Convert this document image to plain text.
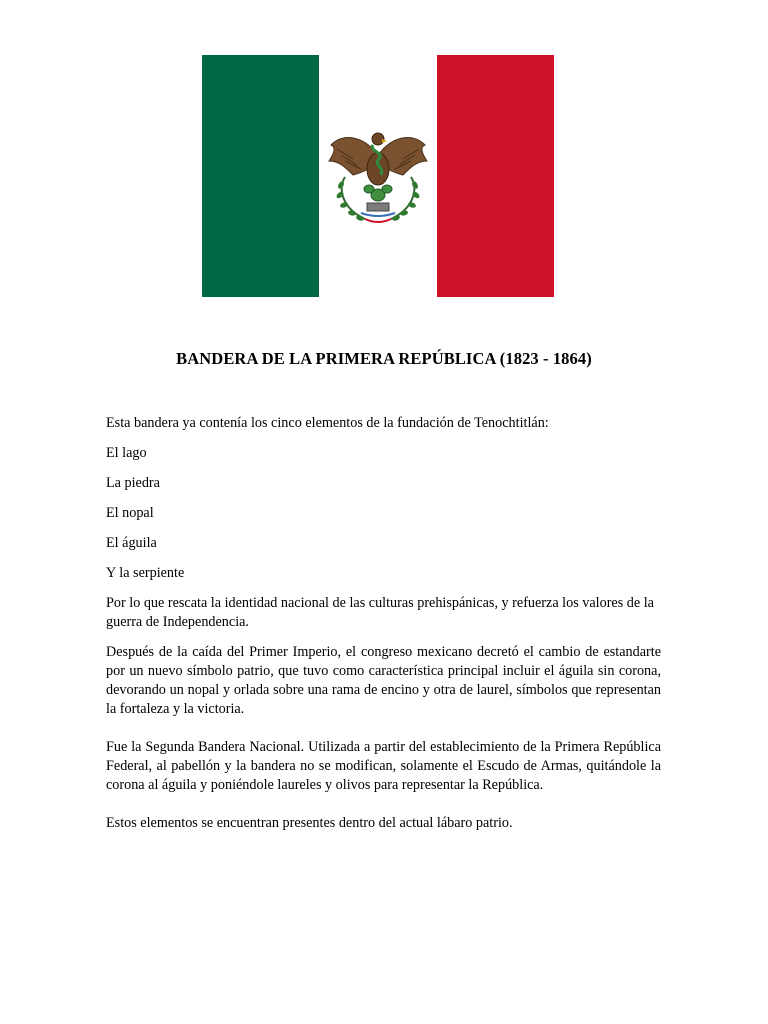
BANDERA DE LA PRIMERA REPÚBLICA (1823 - 1864)

Esta bandera ya contenía los cinco elementos de la fundación de Tenochtitlán:

El lago

La piedra

El nopal

El águila

Y la serpiente

Por lo que rescata la identidad nacional de las culturas prehispánicas, y refuerza los valores de la guerra de Independencia.

Después de la caída del Primer Imperio, el congreso mexicano decretó el cambio de estandarte por un nuevo símbolo patrio, que tuvo como característica principal incluir el águila sin corona, devorando un nopal y orlada sobre una rama de encino y otra de laurel, símbolos que representan la fortaleza y la victoria.

Fue la Segunda Bandera Nacional. Utilizada a partir del establecimiento de la Primera República Federal, al pabellón y la bandera no se modifican, solamente el Escudo de Armas, quitándole la corona al águila y poniéndole laureles y olivos para representar la República.

Estos elementos se encuentran presentes dentro del actual lábaro patrio.
